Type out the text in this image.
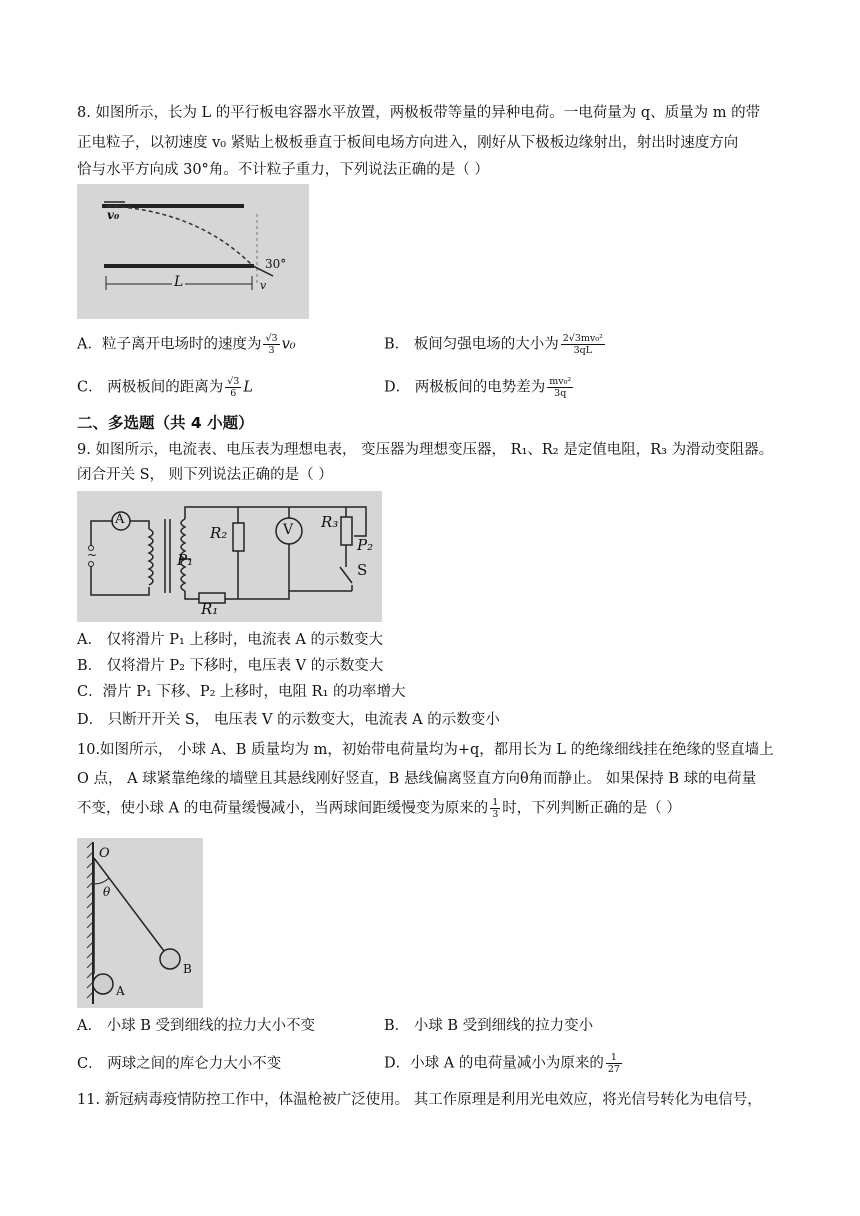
8. 如图所示，长为 L 的平行板电容器水平放置，两极板带等量的异种电荷。一电荷量为 q、质量为 m 的带
正电粒子，以初速度 v₀ 紧贴上极板垂直于板间电场方向进入，刚好从下极板边缘射出，射出时速度方向
恰与水平方向成 30°角。不计粒子重力，下列说法正确的是（ ）
v₀
L
30°
v
A．粒子离开电场时的速度为 $\frac{√3}{3} v_0$	B． 板间匀强电场的大小为 $\frac{\text{2√3mv₀²}}{3qL}$
C． 两极板间的距离为 $\frac{√3}{6}$ L	D． 两极板间的电势差为 $\frac{\text{mv₀²}}{3q}$
二、多选题（共 4 小题）
9. 如图所示，电流表、电压表为理想电表， 变压器为理想变压器， R₁、R₂ 是定值电阻，R₃ 为滑动变阻器。
闭合开关 S， 则下列说法正确的是（ ）
A
V
~
R₂
R₁
R₃
P₁
P₂
S
A． 仅将滑片 P₁ 上移时，电流表 A 的示数变大
B． 仅将滑片 P₂ 下移时，电压表 V 的示数变大
C．滑片 P₁ 下移、P₂ 上移时，电阻 R₁ 的功率增大
D． 只断开开关 S， 电压表 V 的示数变大，电流表 A 的示数变小
10.如图所示， 小球 A、B 质量均为 m，初始带电荷量均为+q，都用长为 L 的绝缘细线挂在绝缘的竖直墙上
O 点， A 球紧靠绝缘的墙壁且其悬线刚好竖直，B 悬线偏离竖直方向θ角而静止。 如果保持 B 球的电荷量
不变，使小球 A 的电荷量缓慢减小，当两球间距缓慢变为原来的 $\frac{1}{3}$ 时，下列判断正确的是（ ）
O
θ
A
B
A． 小球 B 受到细线的拉力大小不变	B． 小球 B 受到细线的拉力变小
C． 两球之间的库仑力大小不变	D．小球 A 的电荷量减小为原来的 $\frac{1}{27}$
11. 新冠病毒疫情防控工作中，体温枪被广泛使用。 其工作原理是利用光电效应，将光信号转化为电信号，
